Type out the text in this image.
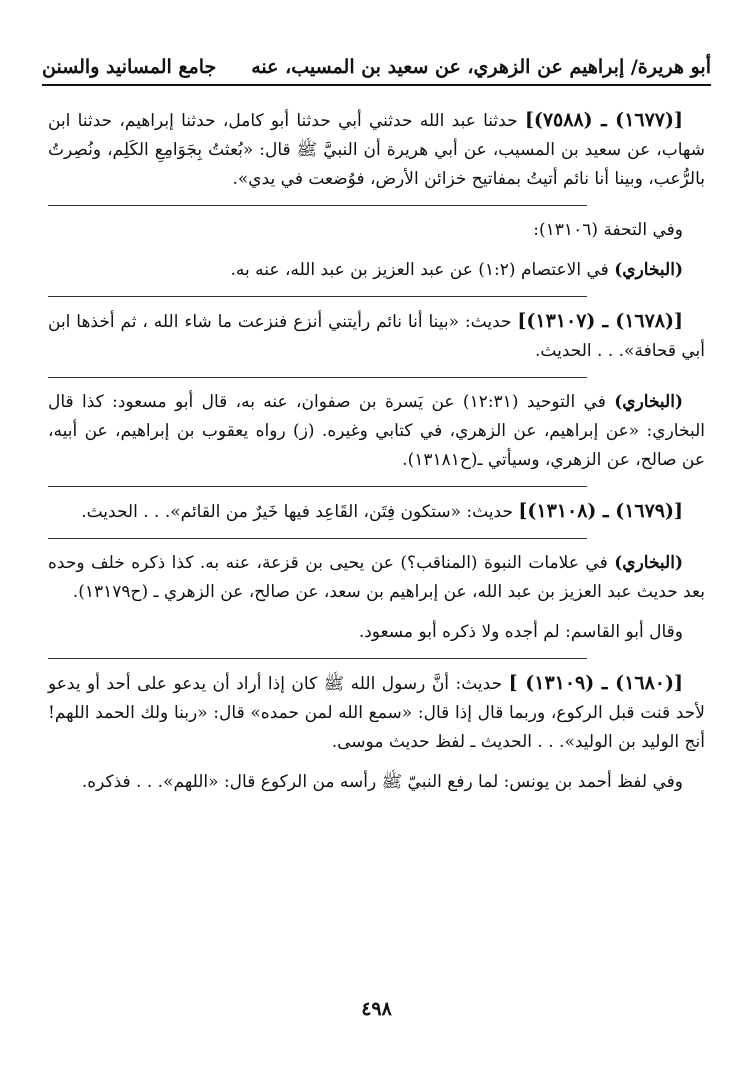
أبو هريرة/ إبراهيم عن الزهري، عن سعيد بن المسيب، عنه
جامع المسانيد والسنن

[(١٦٧٧) ـ (٧٥٨٨)] حدثنا عبد الله حدثني أبي حدثنا أبو كامل، حدثنا إبراهيم، حدثنا ابن شهاب، عن سعيد بن المسيب، عن أبي هريرة أن النبيَّ ﷺ قال: «بُعثتُ بِجَوَامِعِ الكَلِم، ونُصِرتُ بالرُّعب، وبينا أنا نائم أتيتُ بمفاتيح خزائن الأرض، فوُضعت في يدي».

وفي التحفة (١٣١٠٦):

(البخاري) في الاعتصام (١:٢) عن عبد العزيز بن عبد الله، عنه به.

[(١٦٧٨) ـ (١٣١٠٧)] حديث: «بينا أنا نائم رأيتني أنزع فنزعت ما شاء الله ، ثم أخذها ابن أبي قحافة». . . الحديث.

(البخاري) في التوحيد (١٢:٣١) عن يَسرة بن صفوان، عنه به، قال أبو مسعود: كذا قال البخاري: «عن إبراهيم، عن الزهري، في كتابي وغيره. (ز) رواه يعقوب بن إبراهيم، عن أبيه، عن صالح، عن الزهري، وسيأتي ـ(ح١٣١٨١).

[(١٦٧٩) ـ (١٣١٠٨)] حديث: «ستكون فِتَن، القَاعِد فيها خَيرٌ من القائم». . . الحديث.

(البخاري) في علامات النبوة (المناقب؟) عن يحيى بن قزعة، عنه به. كذا ذكره خلف وحده بعد حديث عبد العزيز بن عبد الله، عن إبراهيم بن سعد، عن صالح، عن الزهري ـ (ح١٣١٧٩).

وقال أبو القاسم: لم أجده ولا ذكره أبو مسعود.

[(١٦٨٠) ـ (١٣١٠٩) ] حديث: أنَّ رسول الله ﷺ كان إذا أراد أن يدعو على أحد أو يدعو لأحد قنت قبل الركوع، وربما قال إذا قال: «سمع الله لمن حمده» قال: «ربنا ولك الحمد اللهم! أنج الوليد بن الوليد». . . الحديث ـ لفظ حديث موسى.

وفي لفظ أحمد بن يونس: لما رفع النبيّ ﷺ رأسه من الركوع قال: «اللهم». . . فذكره.

٤٩٨
